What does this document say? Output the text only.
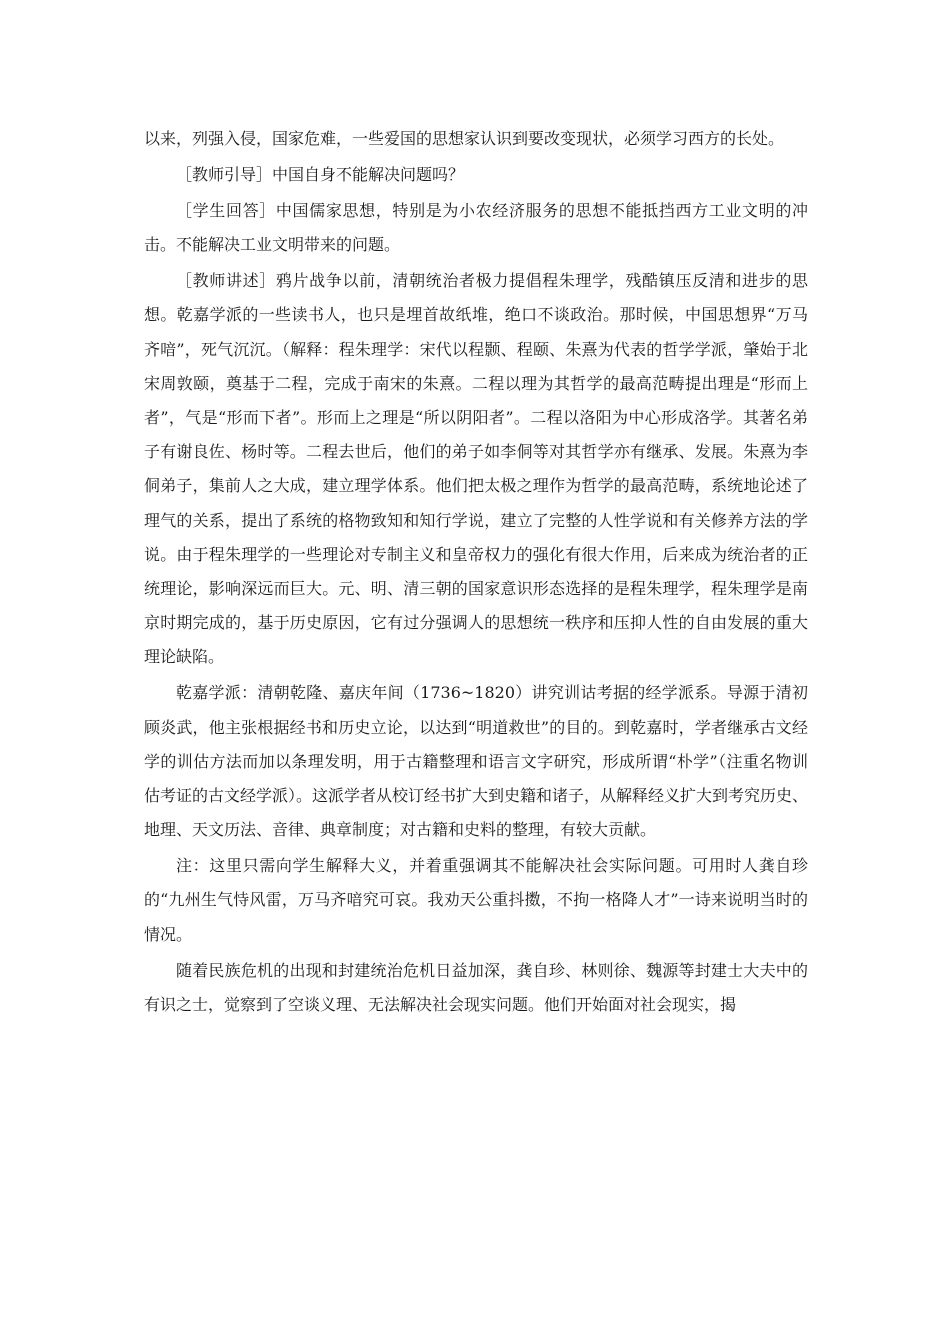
以来，列强入侵，国家危难，一些爱国的思想家认识到要改变现状，必须学习西方的长处。

［教师引导］中国自身不能解决问题吗？

［学生回答］中国儒家思想，特别是为小农经济服务的思想不能抵挡西方工业文明的冲击。不能解决工业文明带来的问题。

［教师讲述］鸦片战争以前，清朝统治者极力提倡程朱理学，残酷镇压反清和进步的思想。乾嘉学派的一些读书人，也只是埋首故纸堆，绝口不谈政治。那时候，中国思想界“万马齐喑”，死气沉沉。（解释：程朱理学：宋代以程颢、程颐、朱熹为代表的哲学学派，肇始于北宋周敦颐，奠基于二程，完成于南宋的朱熹。二程以理为其哲学的最高范畴提出理是“形而上者”，气是“形而下者”。形而上之理是“所以阴阳者”。二程以洛阳为中心形成洛学。其著名弟子有谢良佐、杨时等。二程去世后，他们的弟子如李侗等对其哲学亦有继承、发展。朱熹为李侗弟子，集前人之大成，建立理学体系。他们把太极之理作为哲学的最高范畴，系统地论述了理气的关系，提出了系统的格物致知和知行学说，建立了完整的人性学说和有关修养方法的学说。由于程朱理学的一些理论对专制主义和皇帝权力的强化有很大作用，后来成为统治者的正统理论，影响深远而巨大。元、明、清三朝的国家意识形态选择的是程朱理学，程朱理学是南京时期完成的，基于历史原因，它有过分强调人的思想统一秩序和压抑人性的自由发展的重大理论缺陷。

乾嘉学派：清朝乾隆、嘉庆年间（1736~1820）讲究训诂考据的经学派系。导源于清初顾炎武，他主张根据经书和历史立论，以达到“明道救世”的目的。到乾嘉时，学者继承古文经学的训估方法而加以条理发明，用于古籍整理和语言文字研究，形成所谓“朴学”（注重名物训估考证的古文经学派）。这派学者从校订经书扩大到史籍和诸子，从解释经义扩大到考究历史、地理、天文历法、音律、典章制度；对古籍和史料的整理，有较大贡献。

注：这里只需向学生解释大义，并着重强调其不能解决社会实际问题。可用时人龚自珍的“九州生气恃风雷，万马齐喑究可哀。我劝天公重抖擞，不拘一格降人才”一诗来说明当时的情况。

随着民族危机的出现和封建统治危机日益加深，龚自珍、林则徐、魏源等封建士大夫中的有识之士，觉察到了空谈义理、无法解决社会现实问题。他们开始面对社会现实，揭
